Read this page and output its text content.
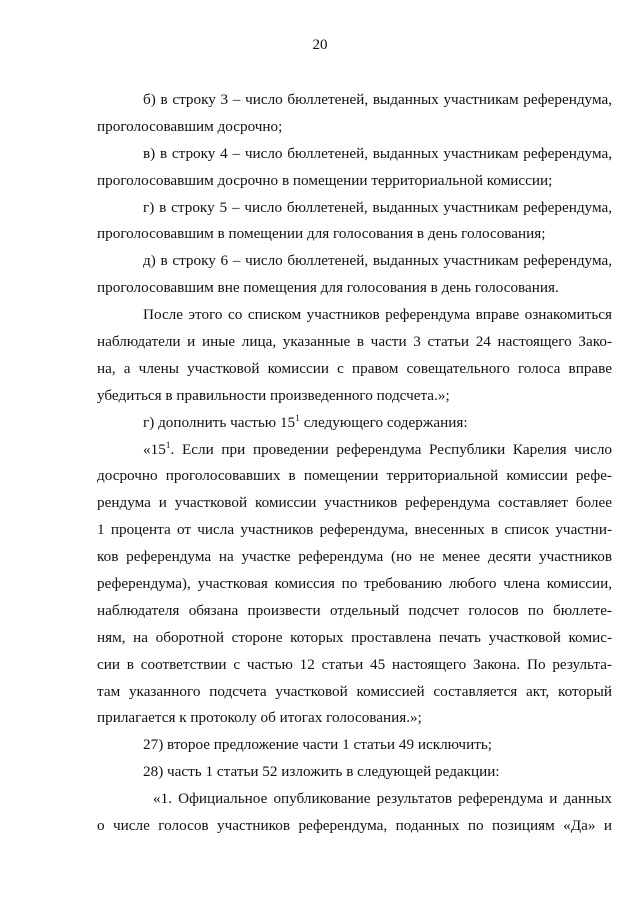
20
б) в строку 3 – число бюллетеней, выданных участникам референдума,
проголосовавшим досрочно;
в) в строку 4 – число бюллетеней, выданных участникам референдума,
проголосовавшим досрочно в помещении территориальной комиссии;
г) в строку 5 – число бюллетеней, выданных участникам референдума,
проголосовавшим в помещении для голосования в день голосования;
д) в строку 6 – число бюллетеней, выданных участникам референдума,
проголосовавшим вне помещения для голосования в день голосования.
После этого со списком участников референдума вправе ознакомиться
наблюдатели и иные лица, указанные в части 3 статьи 24 настоящего Зако-
на, а члены участковой комиссии с правом совещательного голоса вправе
убедиться в правильности произведенного подсчета.»;
г) дополнить частью $15^1$ следующего содержания:
«$15^1$. Если при проведении референдума Республики Карелия число
досрочно проголосовавших в помещении территориальной комиссии рефе-
рендума и участковой комиссии участников референдума составляет более
1 процента от числа участников референдума, внесенных в список участни-
ков референдума на участке референдума (но не менее десяти участников
референдума), участковая комиссия по требованию любого члена комиссии,
наблюдателя обязана произвести отдельный подсчет голосов по бюллете-
ням, на оборотной стороне которых проставлена печать участковой комис-
сии в соответствии с частью 12 статьи 45 настоящего Закона. По результа-
там указанного подсчета участковой комиссией составляется акт, который
прилагается к протоколу об итогах голосования.»;
27) второе предложение части 1 статьи 49 исключить;
28) часть 1 статьи 52 изложить в следующей редакции:
«1. Официальное опубликование результатов референдума и данных
о числе голосов участников референдума, поданных по позициям «Да» и
